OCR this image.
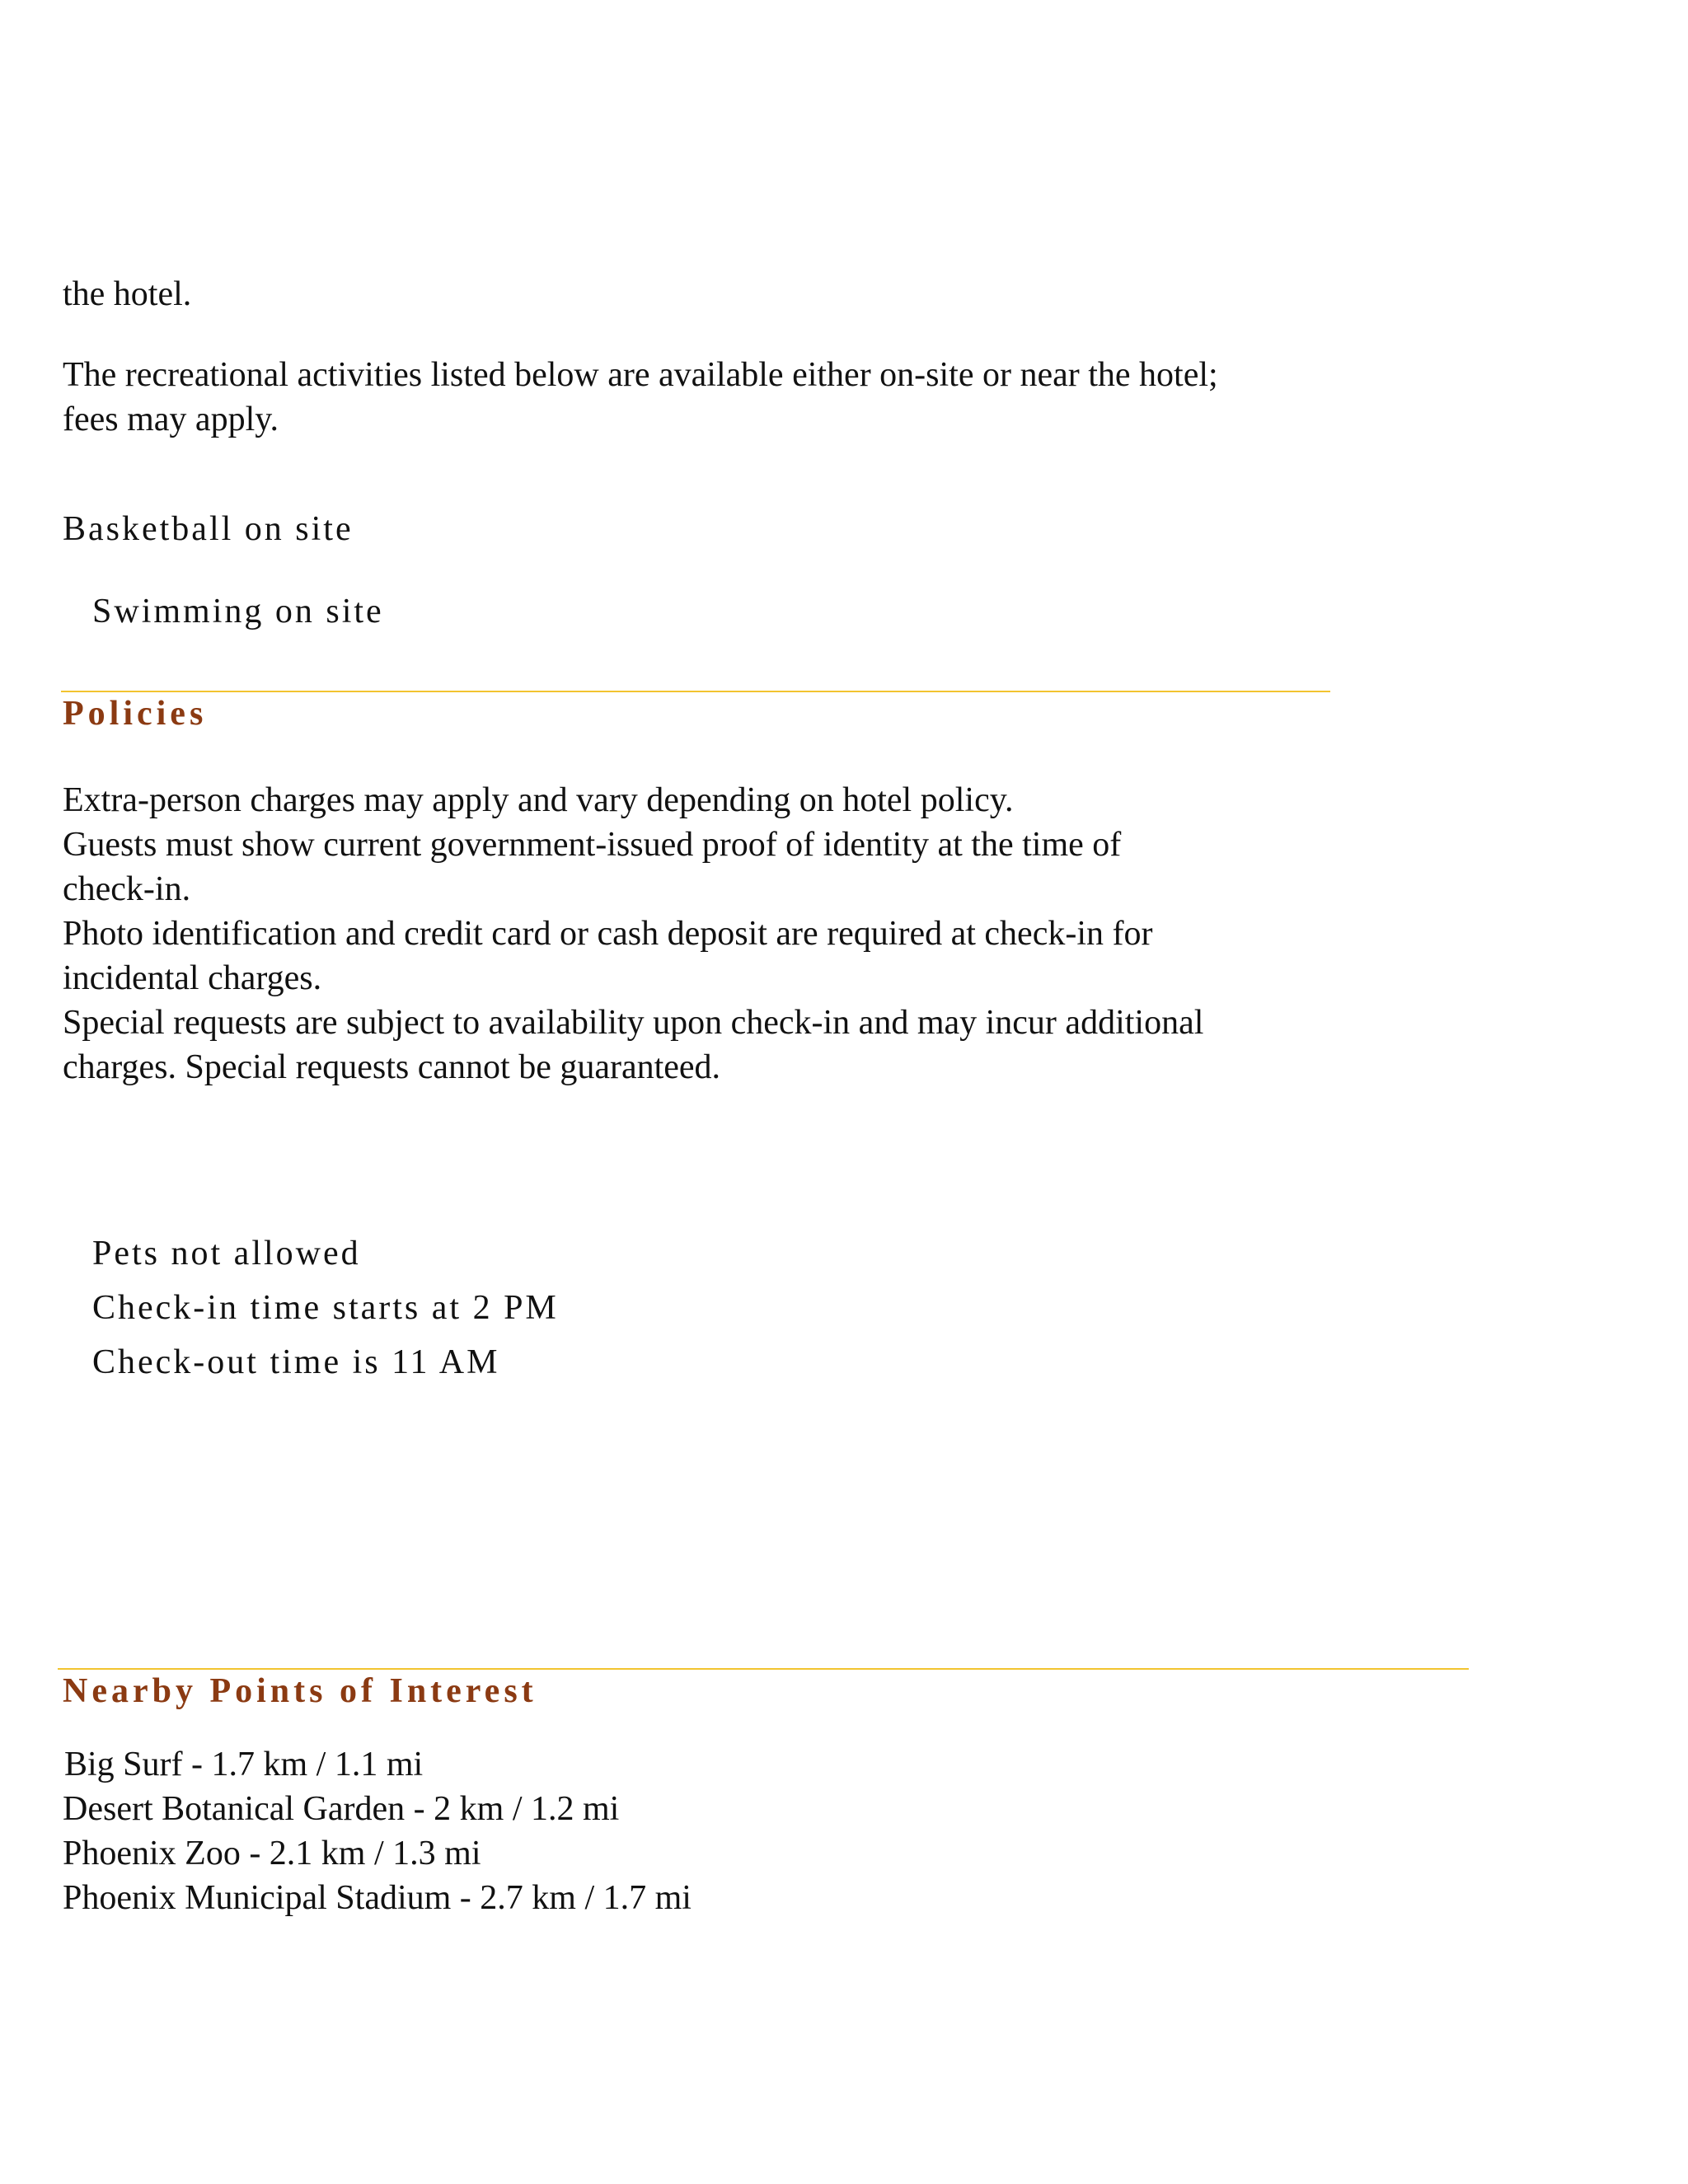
the hotel.

The recreational activities listed below are available either on-site or near the hotel;

fees may apply.

Basketball on site

Swimming on site

Policies

Extra-person charges may apply and vary depending on hotel policy.
Guests must show current government-issued proof of identity at the time of
check-in.
Photo identification and credit card or cash deposit are required at check-in for
incidental charges.
Special requests are subject to availability upon check-in and may incur additional
charges. Special requests cannot be guaranteed.

Pets not allowed

Check-in time starts at 2 PM

Check-out time is 11 AM

Nearby Points of Interest

Big Surf - 1.7 km / 1.1 mi
Desert Botanical Garden - 2 km / 1.2 mi
Phoenix Zoo - 2.1 km / 1.3 mi
Phoenix Municipal Stadium - 2.7 km / 1.7 mi
